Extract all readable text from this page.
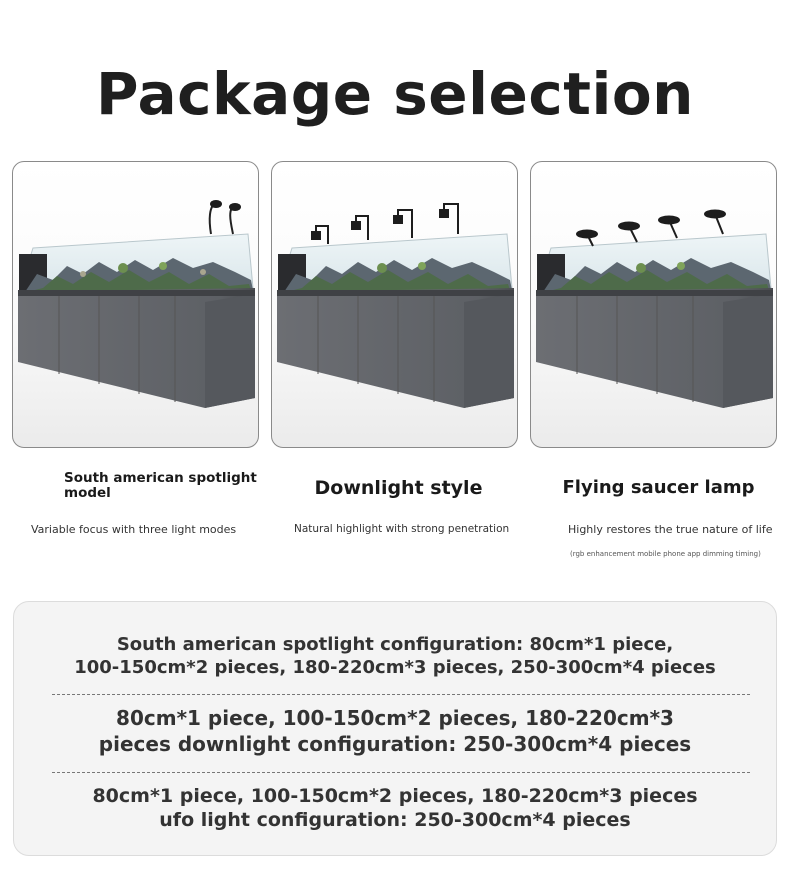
Package selection
South american spotlight model	Downlight style	Flying saucer lamp
Variable focus with three light modes	Natural highlight with strong penetration	Highly restores the true nature of life
(rgb enhancement mobile phone app dimming timing)
South american spotlight configuration: 80cm*1 piece,
100-150cm*2 pieces, 180-220cm*3 pieces, 250-300cm*4 pieces
80cm*1 piece, 100-150cm*2 pieces, 180-220cm*3
pieces downlight configuration: 250-300cm*4 pieces
80cm*1 piece, 100-150cm*2 pieces, 180-220cm*3 pieces
ufo light configuration: 250-300cm*4 pieces
